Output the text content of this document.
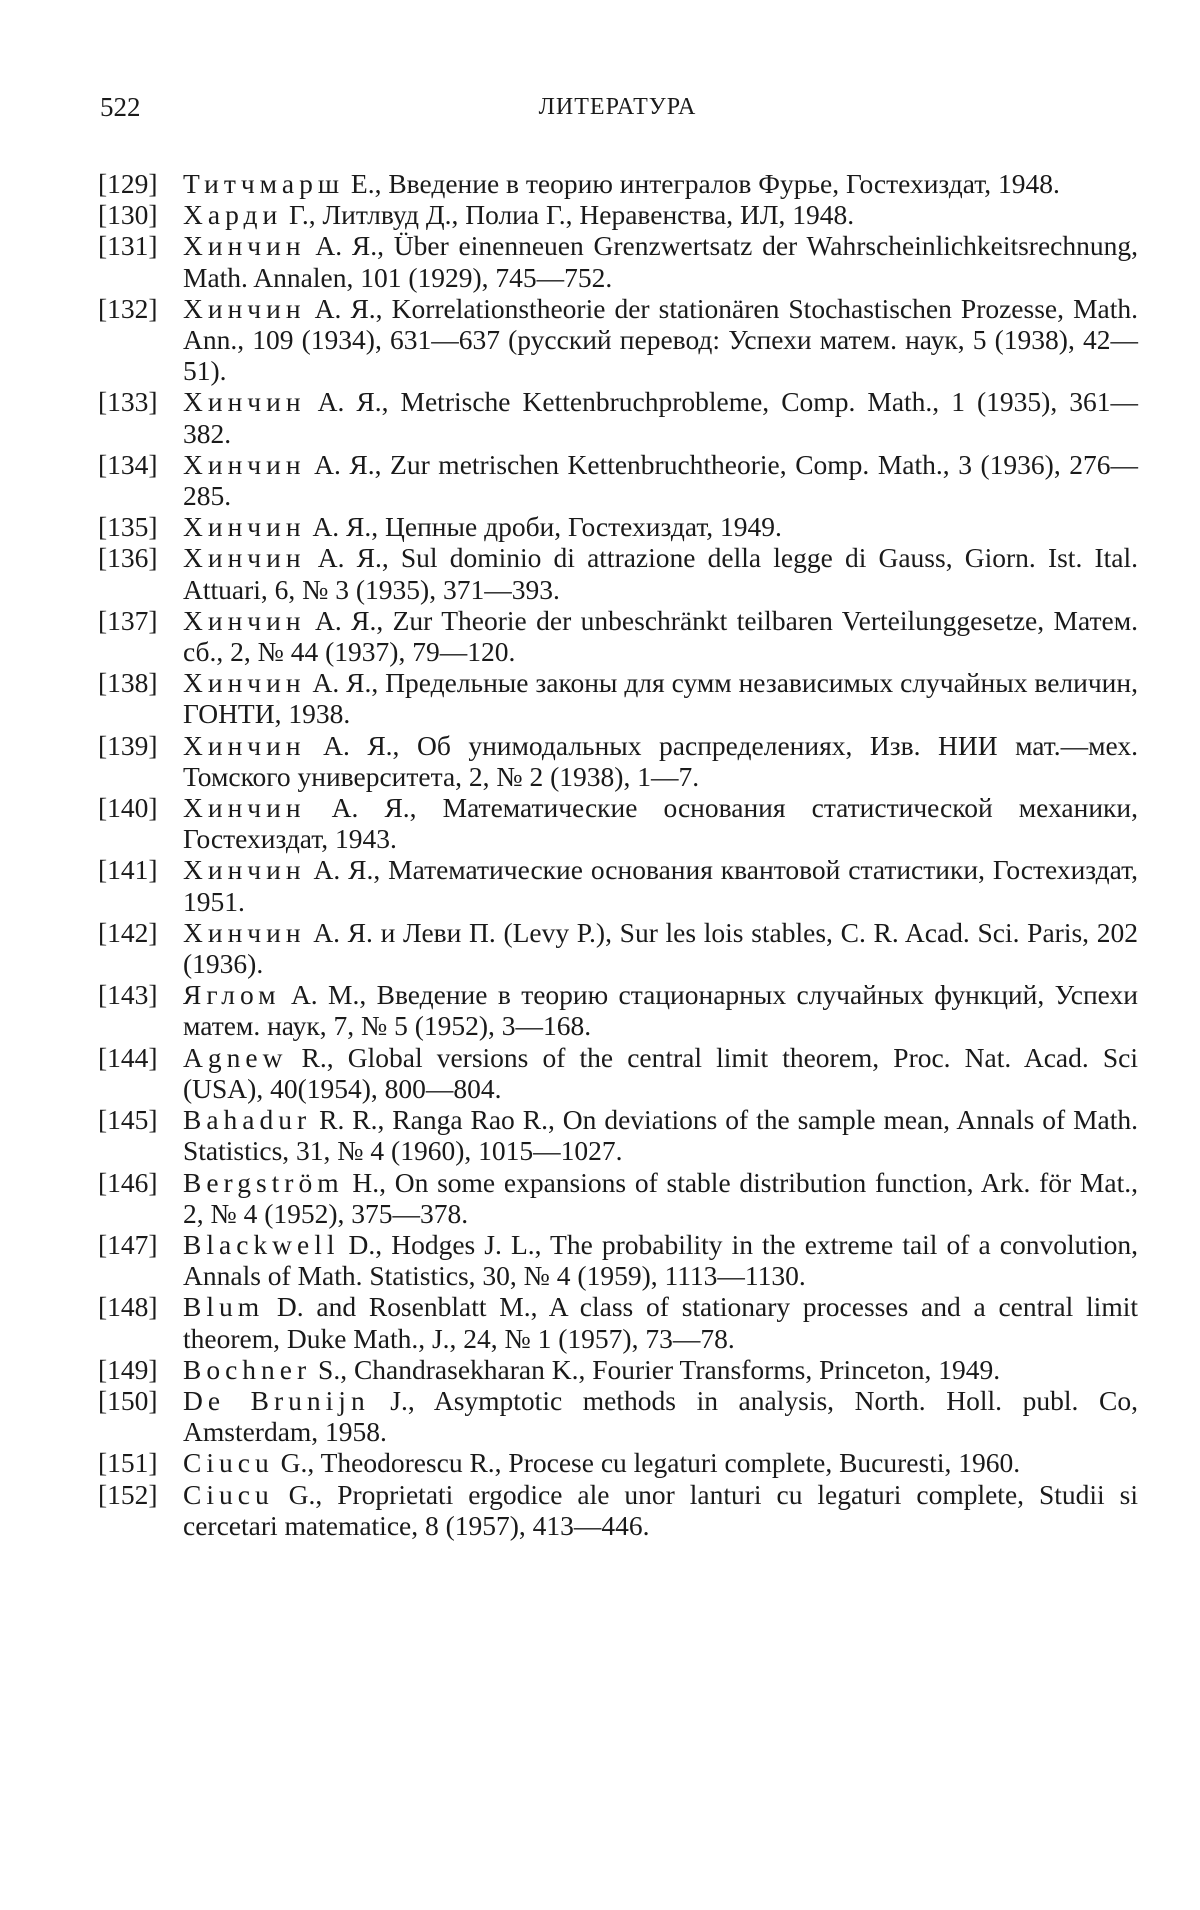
522	ЛИТЕРАТУРА

[129] Титчмарш Е., Введение в теорию интегралов Фурье, Гостехиздат, 1948.

[130] Харди Г., Литлвуд Д., Полиа Г., Неравенства, ИЛ, 1948.

[131] Хинчин А. Я., Über einenneuen Grenzwertsatz der Wahrscheinlichkeitsrechnung, Math. Annalen, 101 (1929), 745—752.

[132] Хинчин А. Я., Korrelationstheorie der stationären Stochastischen Prozesse, Math. Ann., 109 (1934), 631—637 (русский перевод: Успехи матем. наук, 5 (1938), 42—51).

[133] Хинчин А. Я., Metrische Kettenbruchprobleme, Comp. Math., 1 (1935), 361—382.

[134] Хинчин А. Я., Zur metrischen Kettenbruchtheorie, Comp. Math., 3 (1936), 276—285.

[135] Хинчин А. Я., Цепные дроби, Гостехиздат, 1949.

[136] Хинчин А. Я., Sul dominio di attrazione della legge di Gauss, Giorn. Ist. Ital. Attuari, 6, № 3 (1935), 371—393.

[137] Хинчин А. Я., Zur Theorie der unbeschränkt teilbaren Verteilunggesetze, Матем. сб., 2, № 44 (1937), 79—120.

[138] Хинчин А. Я., Предельные законы для сумм независимых случайных величин, ГОНТИ, 1938.

[139] Хинчин А. Я., Об унимодальных распределениях, Изв. НИИ мат.—мех. Томского университета, 2, № 2 (1938), 1—7.

[140] Хинчин А. Я., Математические основания статистической механики, Гостехиздат, 1943.

[141] Хинчин А. Я., Математические основания квантовой статистики, Гостехиздат, 1951.

[142] Хинчин А. Я. и Леви П. (Levy P.), Sur les lois stables, C. R. Acad. Sci. Paris, 202 (1936).

[143] Яглом А. М., Введение в теорию стационарных случайных функций, Успехи матем. наук, 7, № 5 (1952), 3—168.

[144] Agnew R., Global versions of the central limit theorem, Proc. Nat. Acad. Sci (USA), 40(1954), 800—804.

[145] Bahadur R. R., Ranga Rao R., On deviations of the sample mean, Annals of Math. Statistics, 31, № 4 (1960), 1015—1027.

[146] Bergström H., On some expansions of stable distribution function, Ark. för Mat., 2, № 4 (1952), 375—378.

[147] Blackwell D., Hodges J. L., The probability in the extreme tail of a convolution, Annals of Math. Statistics, 30, № 4 (1959), 1113—1130.

[148] Blum D. and Rosenblatt M., A class of stationary processes and a central limit theorem, Duke Math., J., 24, № 1 (1957), 73—78.

[149] Bochner S., Chandrasekharan K., Fourier Transforms, Princeton, 1949.

[150] De Brunijn J., Asymptotic methods in analysis, North. Holl. publ. Co, Amsterdam, 1958.

[151] Ciucu G., Theodorescu R., Procese cu legaturi complete, Bucuresti, 1960.

[152] Ciucu G., Proprietati ergodice ale unor lanturi cu legaturi complete, Studii si cercetari matematice, 8 (1957), 413—446.
